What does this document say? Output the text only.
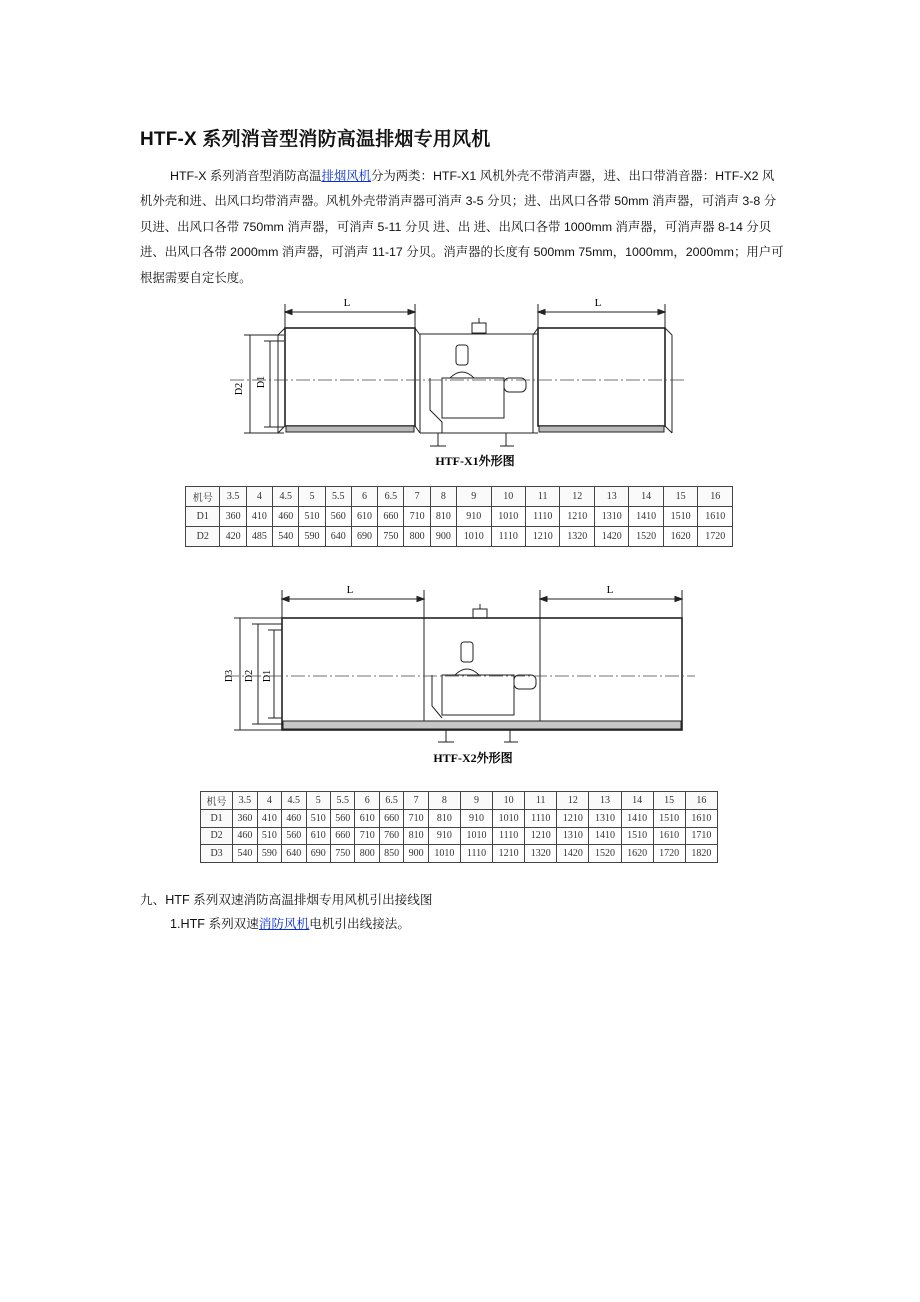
HTF-X 系列消音型消防高温排烟专用风机
HTF-X 系列消音型消防高温排烟风机分为两类：HTF-X1 风机外壳不带消声器，进、出口带消音器：HTF-X2 风机外壳和进、出风口均带消声器。风机外壳带消声器可消声 3-5 分贝；进、出风口各带 50mm 消声器，可消声 3-8 分贝进、出风口各带 750mm 消声器，可消声 5-11 分贝 进、出 进、出风口各带 1000mm 消声器，可消声器 8-14 分贝 进、出风口各带 2000mm 消声器，可消声 11-17 分贝。消声器的长度有 500mm 75mm，1000mm，2000mm；用户可根据需要自定长度。
L	L
D2
D1
HTF-X1外形图
机号	3.5	4	4.5	5	5.5	6	6.5	7	8	9	10	11	12	13	14	15	16
D1	360	410	460	510	560	610	660	710	810	910	1010	1110	1210	1310	1410	1510	1610
D2	420	485	540	590	640	690	750	800	900	1010	1110	1210	1320	1420	1520	1620	1720
L	L
D3 D2 D1
HTF-X2外形图
机号	3.5	4	4.5	5	5.5	6	6.5	7	8	9	10	11	12	13	14	15	16
D1	360	410	460	510	560	610	660	710	810	910	1010	1110	1210	1310	1410	1510	1610
D2	460	510	560	610	660	710	760	810	910	1010	1110	1210	1310	1410	1510	1610	1710
D3	540	590	640	690	750	800	850	900	1010	1110	1210	1320	1420	1520	1620	1720	1820
九、HTF 系列双速消防高温排烟专用风机引出接线图
1.HTF 系列双速消防风机电机引出线接法。
